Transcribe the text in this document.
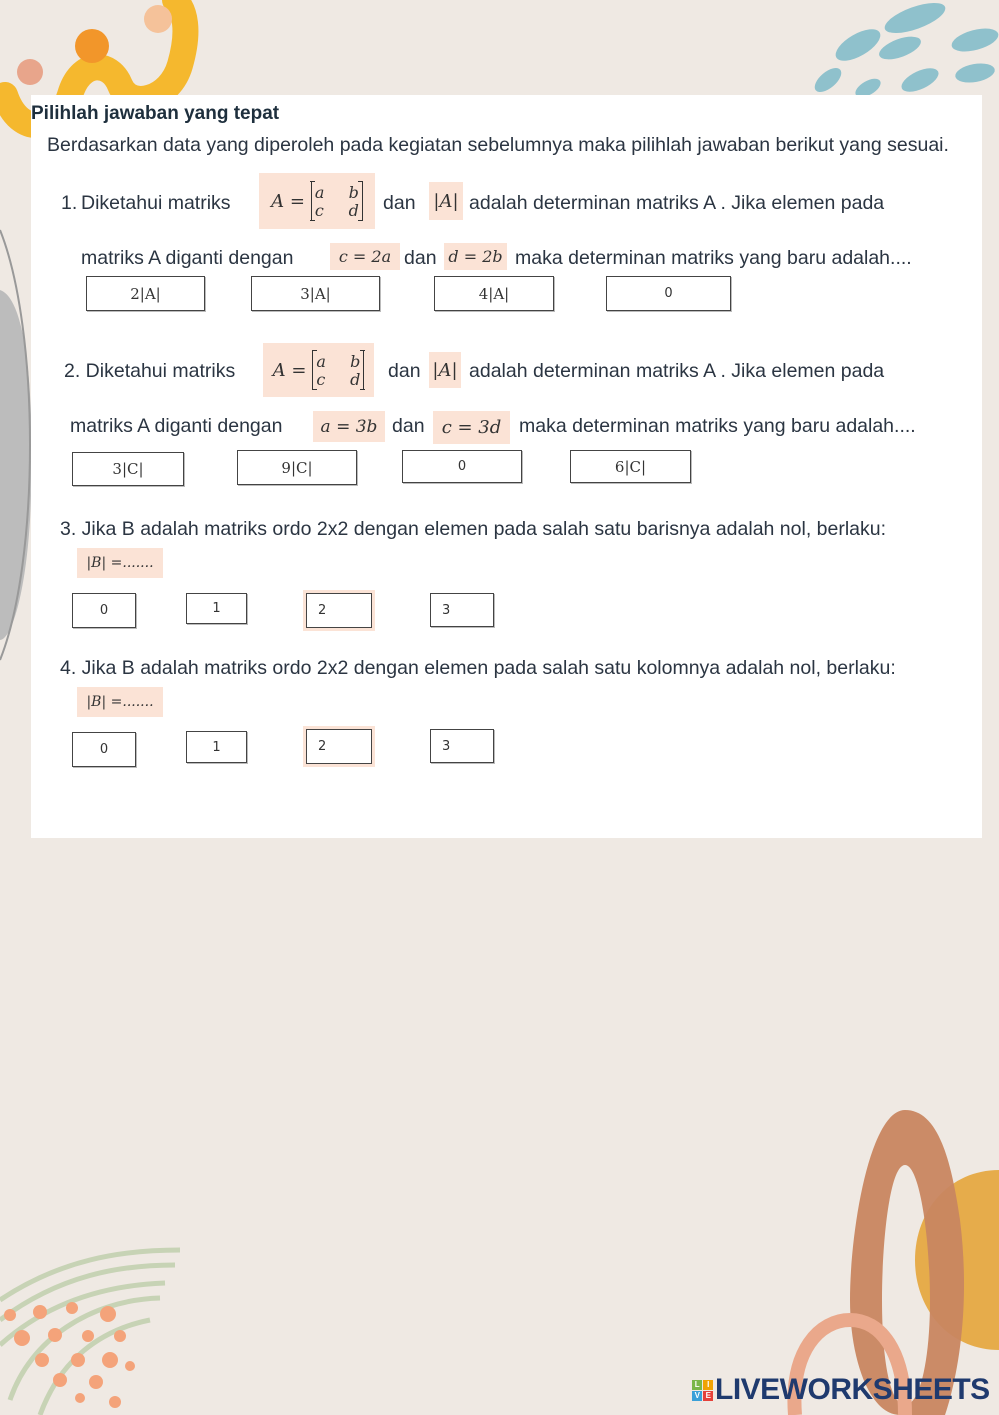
Pilihlah jawaban yang tepat
Berdasarkan data yang diperoleh pada kegiatan sebelumnya maka pilihlah jawaban berikut yang sesuai.
1. Diketahui matriks A = a	b
c	d dan |A| adalah determinan matriks A . Jika elemen pada
matriks A diganti dengan	c = 2a dan d = 2b maka determinan matriks yang baru adalah....
2|A|	3|A|	4|A|	0
2. Diketahui matriks A = a	b
c	d dan |A| adalah determinan matriks A . Jika elemen pada
matriks A diganti dengan	a = 3b dan c = 3d maka determinan matriks yang baru adalah....
3|C|	9|C|	0	6|C|
3. Jika B adalah matriks ordo 2x2 dengan elemen pada salah satu barisnya adalah nol, berlaku:
|B| =.......
0	1	2	3
4. Jika B adalah matriks ordo 2x2 dengan elemen pada salah satu kolomnya adalah nol, berlaku:
|B| =.......
0	1	2	3
L I
V E LIVEWORKSHEETS
